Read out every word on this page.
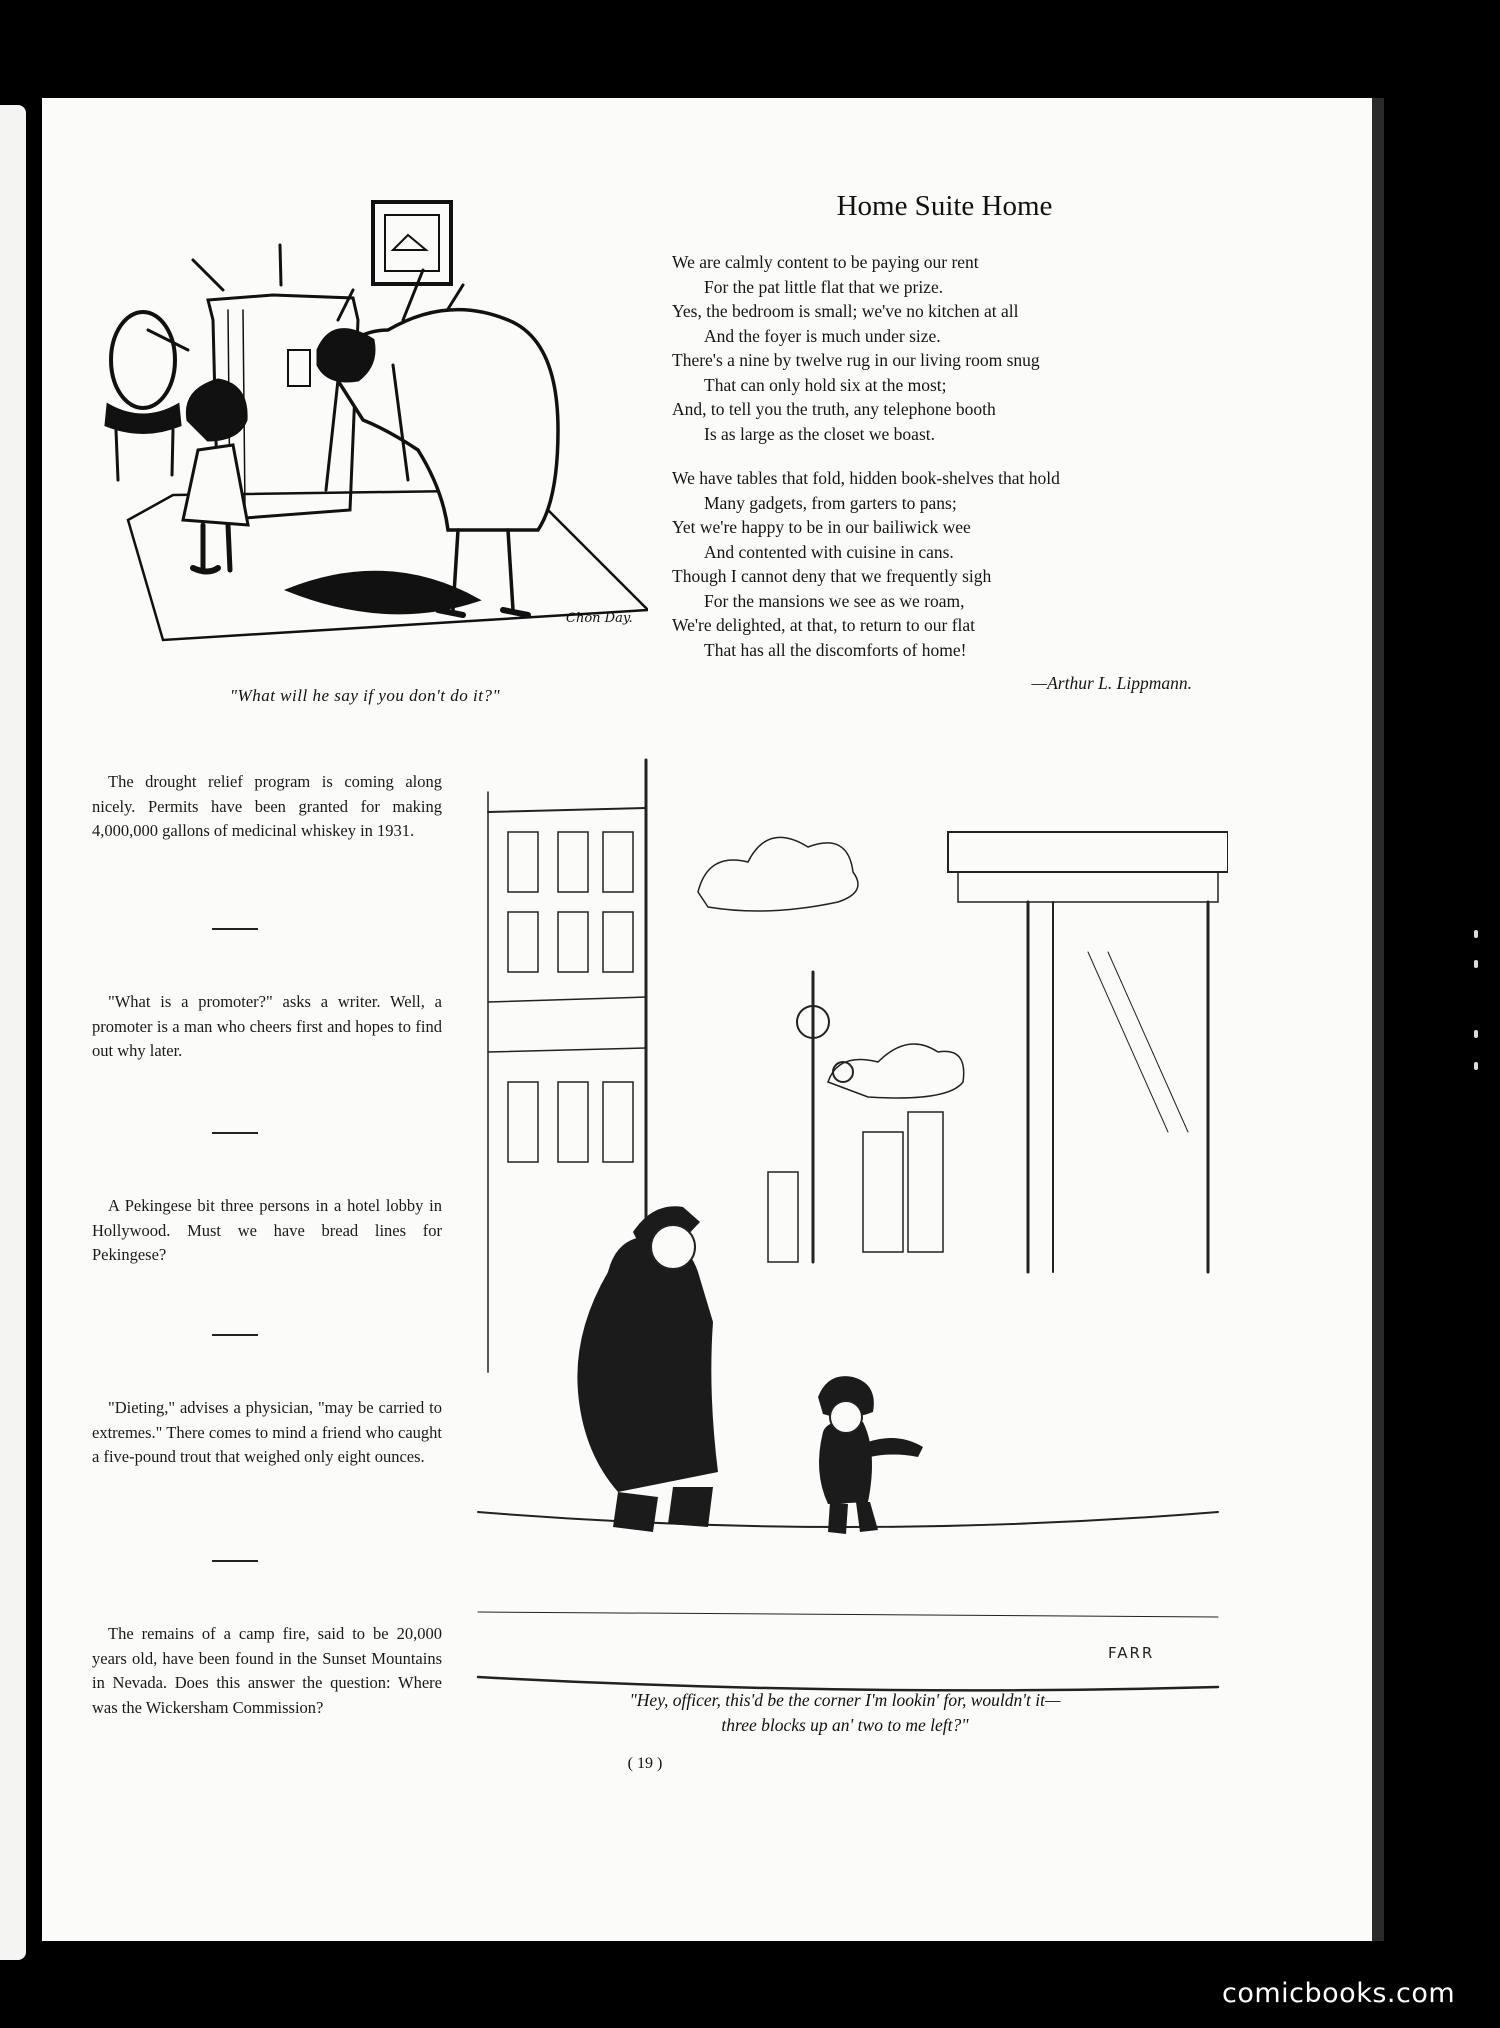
Chon Day.
"What will he say if you don't do it?"
Home Suite Home
We are calmly content to be paying our rent
For the pat little flat that we prize.
Yes, the bedroom is small; we've no kitchen at all
And the foyer is much under size.
There's a nine by twelve rug in our living room snug
That can only hold six at the most;
And, to tell you the truth, any telephone booth
Is as large as the closet we boast.
We have tables that fold, hidden book-shelves that hold
Many gadgets, from garters to pans;
Yet we're happy to be in our bailiwick wee
And contented with cuisine in cans.
Though I cannot deny that we frequently sigh
For the mansions we see as we roam,
We're delighted, at that, to return to our flat
That has all the discomforts of home!
—Arthur L. Lippmann.

The drought relief program is coming along nicely. Permits have been granted for making 4,000,000 gallons of medicinal whiskey in 1931.

"What is a promoter?" asks a writer. Well, a promoter is a man who cheers first and hopes to find out why later.

A Pekingese bit three persons in a hotel lobby in Hollywood. Must we have bread lines for Pekingese?

"Dieting," advises a physician, "may be carried to extremes." There comes to mind a friend who caught a five-pound trout that weighed only eight ounces.

The remains of a camp fire, said to be 20,000 years old, have been found in the Sunset Mountains in Nevada. Does this answer the question: Where was the Wickersham Commission?

FARR
"Hey, officer, this'd be the corner I'm lookin' for, wouldn't it—
three blocks up an' two to me left?"
( 19 )
comicbooks.com
